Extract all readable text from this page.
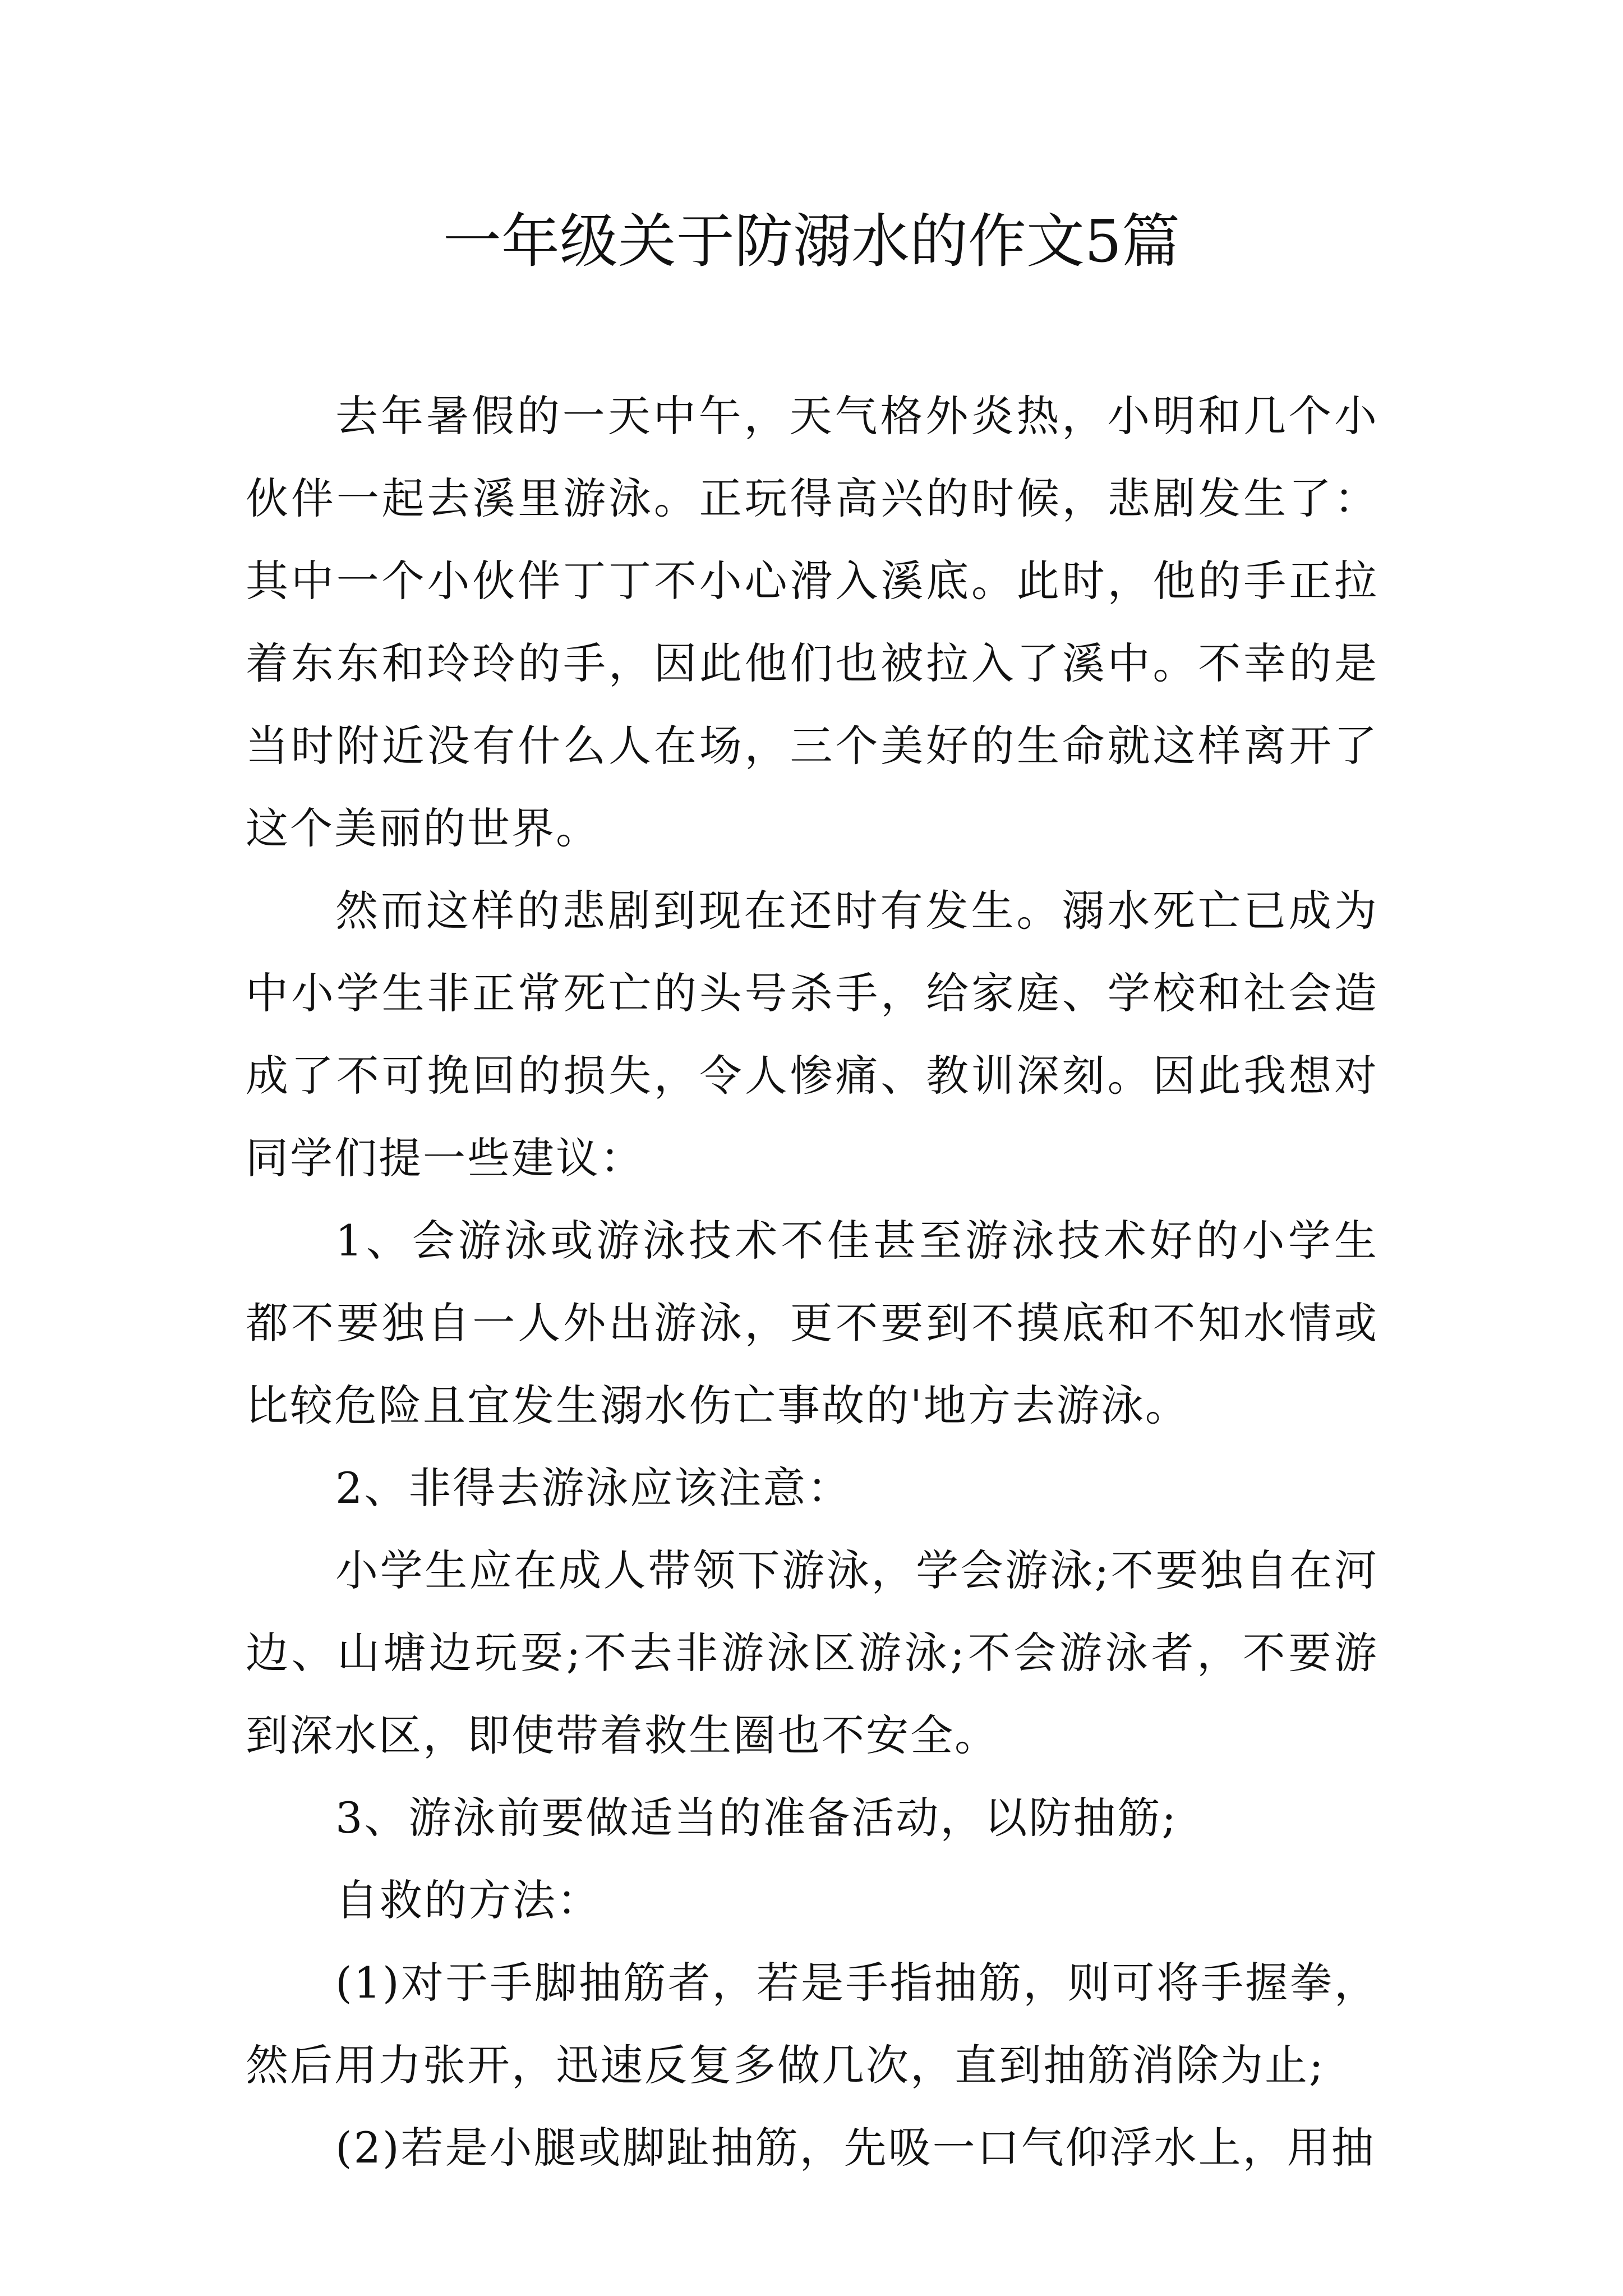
一年级关于防溺水的作文5篇

去年暑假的一天中午，天气格外炎热，小明和几个小伙伴一起去溪里游泳。正玩得高兴的时候，悲剧发生了：其中一个小伙伴丁丁不小心滑入溪底。此时，他的手正拉着东东和玲玲的手，因此他们也被拉入了溪中。不幸的是当时附近没有什么人在场，三个美好的生命就这样离开了这个美丽的世界。

然而这样的悲剧到现在还时有发生。溺水死亡已成为中小学生非正常死亡的头号杀手，给家庭、学校和社会造成了不可挽回的损失，令人惨痛、教训深刻。因此我想对同学们提一些建议：

1、会游泳或游泳技术不佳甚至游泳技术好的小学生都不要独自一人外出游泳，更不要到不摸底和不知水情或比较危险且宜发生溺水伤亡事故的'地方去游泳。

2、非得去游泳应该注意：

小学生应在成人带领下游泳，学会游泳;不要独自在河边、山塘边玩耍;不去非游泳区游泳;不会游泳者，不要游到深水区，即使带着救生圈也不安全。

3、游泳前要做适当的准备活动，以防抽筋;

自救的方法：

(1)对于手脚抽筋者，若是手指抽筋，则可将手握拳，然后用力张开，迅速反复多做几次，直到抽筋消除为止;

(2)若是小腿或脚趾抽筋，先吸一口气仰浮水上，用抽
